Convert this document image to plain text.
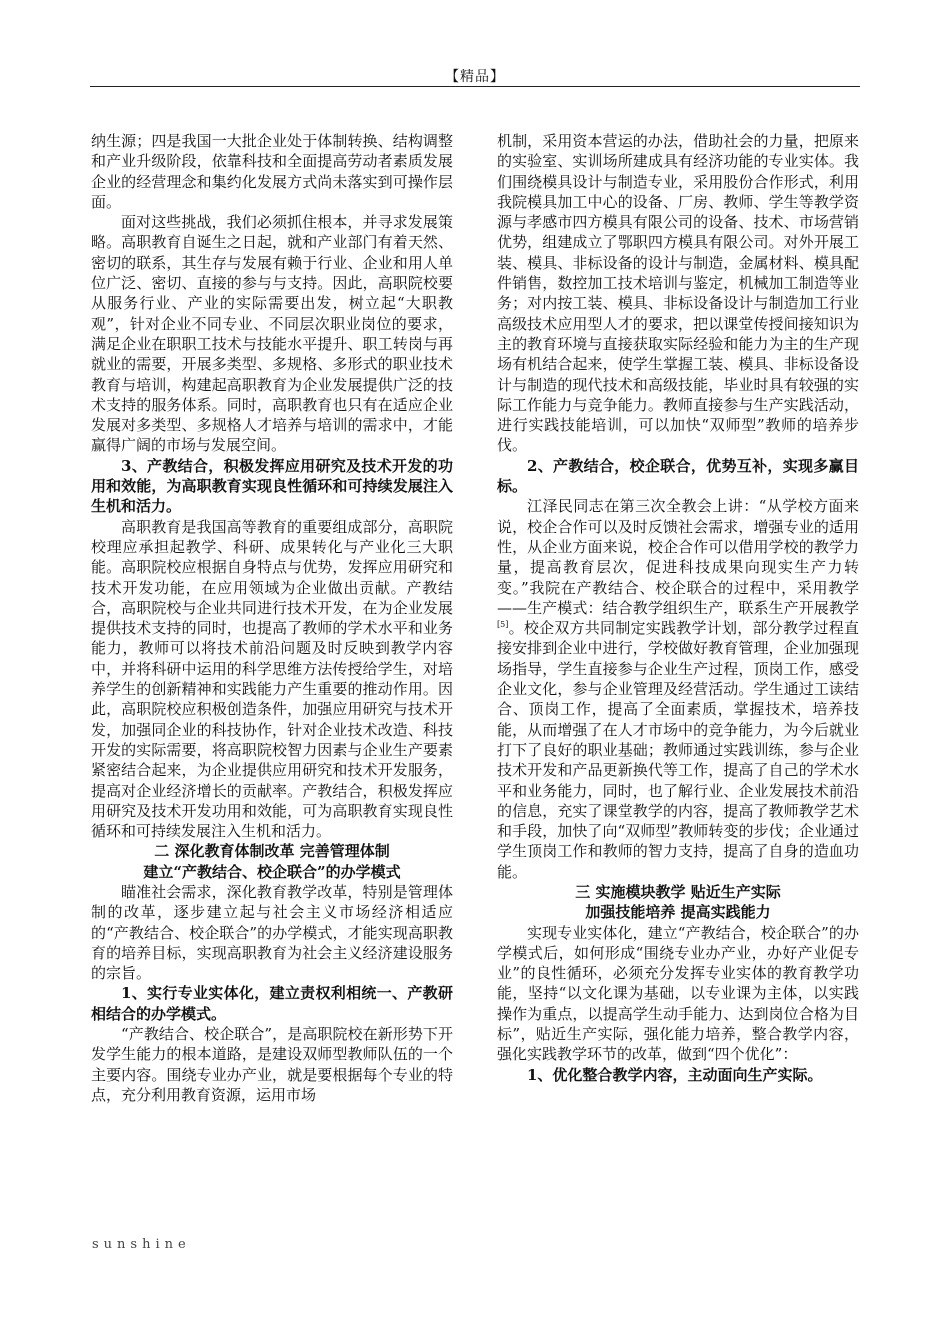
【精品】

纳生源；四是我国一大批企业处于体制转换、结构调整和产业升级阶段，依靠科技和全面提高劳动者素质发展企业的经营理念和集约化发展方式尚未落实到可操作层面。

面对这些挑战，我们必须抓住根本，并寻求发展策略。高职教育自诞生之日起，就和产业部门有着天然、密切的联系，其生存与发展有赖于行业、企业和用人单位广泛、密切、直接的参与与支持。因此，高职院校要从服务行业、产业的实际需要出发，树立起“大职教观”，针对企业不同专业、不同层次职业岗位的要求，满足企业在职职工技术与技能水平提升、职工转岗与再就业的需要，开展多类型、多规格、多形式的职业技术教育与培训，构建起高职教育为企业发展提供广泛的技术支持的服务体系。同时，高职教育也只有在适应企业发展对多类型、多规格人才培养与培训的需求中，才能赢得广阔的市场与发展空间。

3、产教结合，积极发挥应用研究及技术开发的功用和效能，为高职教育实现良性循环和可持续发展注入生机和活力。

高职教育是我国高等教育的重要组成部分，高职院校理应承担起教学、科研、成果转化与产业化三大职能。高职院校应根据自身特点与优势，发挥应用研究和技术开发功能，在应用领域为企业做出贡献。产教结合，高职院校与企业共同进行技术开发，在为企业发展提供技术支持的同时，也提高了教师的学术水平和业务能力，教师可以将技术前沿问题及时反映到教学内容中，并将科研中运用的科学思维方法传授给学生，对培养学生的创新精神和实践能力产生重要的推动作用。因此，高职院校应积极创造条件，加强应用研究与技术开发，加强同企业的科技协作，针对企业技术改造、科技开发的实际需要，将高职院校智力因素与企业生产要素紧密结合起来，为企业提供应用研究和技术开发服务，提高对企业经济增长的贡献率。产教结合，积极发挥应用研究及技术开发功用和效能，可为高职教育实现良性循环和可持续发展注入生机和活力。

二 深化教育体制改革 完善管理体制

建立“产教结合、校企联合”的办学模式

瞄准社会需求，深化教育教学改革，特别是管理体制的改革，逐步建立起与社会主义市场经济相适应的“产教结合、校企联合”的办学模式，才能实现高职教育的培养目标，实现高职教育为社会主义经济建设服务的宗旨。

1、实行专业实体化，建立责权利相统一、产教研相结合的办学模式。

“产教结合、校企联合”，是高职院校在新形势下开发学生能力的根本道路，是建设双师型教师队伍的一个主要内容。围绕专业办产业，就是要根据每个专业的特点，充分利用教育资源，运用市场

机制，采用资本营运的办法，借助社会的力量，把原来的实验室、实训场所建成具有经济功能的专业实体。我们围绕模具设计与制造专业，采用股份合作形式，利用我院模具加工中心的设备、厂房、教师、学生等教学资源与孝感市四方模具有限公司的设备、技术、市场营销优势，组建成立了鄂职四方模具有限公司。对外开展工装、模具、非标设备的设计与制造，金属材料、模具配件销售，数控加工技术培训与鉴定，机械加工制造等业务；对内按工装、模具、非标设备设计与制造加工行业高级技术应用型人才的要求，把以课堂传授间接知识为主的教育环境与直接获取实际经验和能力为主的生产现场有机结合起来，使学生掌握工装、模具、非标设备设计与制造的现代技术和高级技能，毕业时具有较强的实际工作能力与竞争能力。教师直接参与生产实践活动，进行实践技能培训，可以加快“双师型”教师的培养步伐。

2、产教结合，校企联合，优势互补，实现多赢目标。

江泽民同志在第三次全教会上讲：“从学校方面来说，校企合作可以及时反馈社会需求，增强专业的适用性，从企业方面来说，校企合作可以借用学校的教学力量，提高教育层次，促进科技成果向现实生产力转变。”我院在产教结合、校企联合的过程中，采用教学——生产模式：结合教学组织生产，联系生产开展教学[5]。校企双方共同制定实践教学计划，部分教学过程直接安排到企业中进行，学校做好教育管理，企业加强现场指导，学生直接参与企业生产过程，顶岗工作，感受企业文化，参与企业管理及经营活动。学生通过工读结合、顶岗工作，提高了全面素质，掌握技术，培养技能，从而增强了在人才市场中的竞争能力，为今后就业打下了良好的职业基础；教师通过实践训练，参与企业技术开发和产品更新换代等工作，提高了自己的学术水平和业务能力，同时，也了解行业、企业发展技术前沿的信息，充实了课堂教学的内容，提高了教师教学艺术和手段，加快了向“双师型”教师转变的步伐；企业通过学生顶岗工作和教师的智力支持，提高了自身的造血功能。

三 实施模块教学 贴近生产实际

加强技能培养 提高实践能力

实现专业实体化，建立“产教结合，校企联合”的办学模式后，如何形成“围绕专业办产业，办好产业促专业”的良性循环，必须充分发挥专业实体的教育教学功能，坚持“以文化课为基础，以专业课为主体，以实践操作为重点，以提高学生动手能力、达到岗位合格为目标”，贴近生产实际，强化能力培养，整合教学内容，强化实践教学环节的改革，做到“四个优化”：

1、优化整合教学内容，主动面向生产实际。

sunshine
